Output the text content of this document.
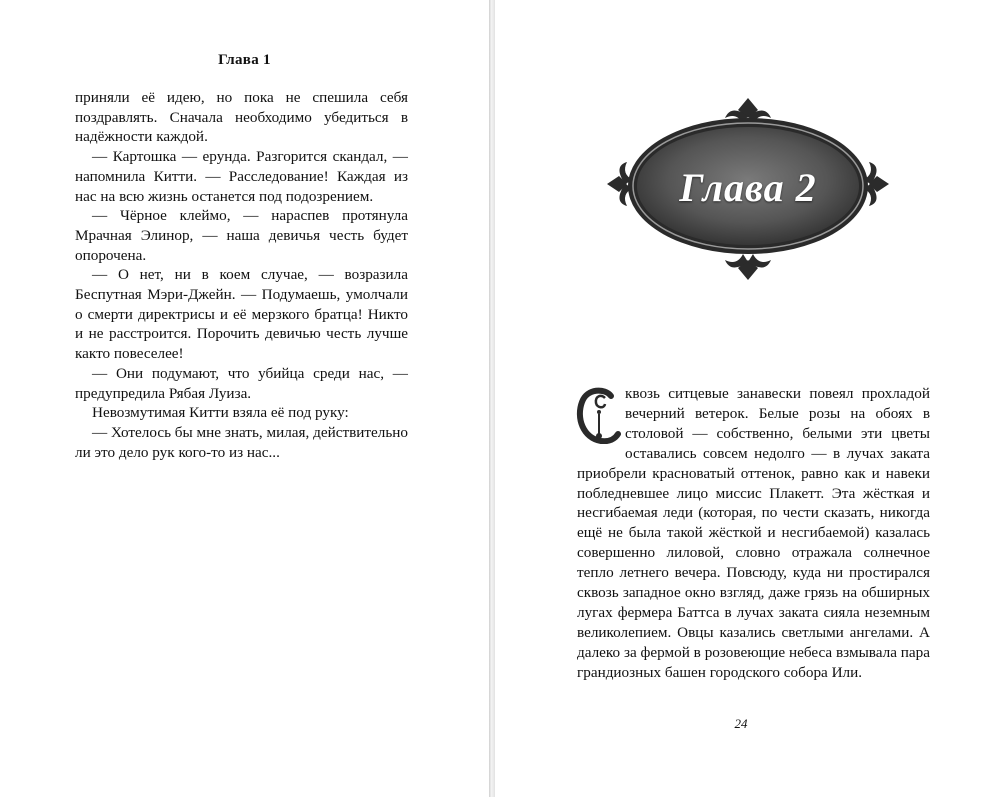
Глава 1

приняли её идею, но пока не спешила себя поздравлять. Сначала необходимо убедиться в надёжности каждой.

— Картошка — ерунда. Разгорится скандал, — напомнила Китти. — Расследование! Каждая из нас на всю жизнь останется под подозрением.

— Чёрное клеймо, — нараспев протянула Мрачная Элинор, — наша девичья честь будет опорочена.

— О нет, ни в коем случае, — возразила Беспутная Мэри-Джейн. — Подумаешь, умолчали о смерти директрисы и её мерзкого братца! Никто и не расстроится. Порочить девичью честь лучше както повеселее!

— Они подумают, что убийца среди нас, — предупредила Рябая Луиза.

Невозмутимая Китти взяла её под руку:

— Хотелось бы мне знать, милая, действительно ли это дело рук кого-то из нас...

Глава 2

квозь ситцевые занавески повеял прохладой вечерний ветерок. Белые розы на обоях в столовой — собственно, белыми эти цветы оставались совсем недолго — в лучах заката приобрели красноватый оттенок, равно как и навеки побледневшее лицо миссис Плакетт. Эта жёсткая и несгибаемая леди (которая, по чести сказать, никогда ещё не была такой жёсткой и несгибаемой) казалась совершенно лиловой, словно отражала солнечное тепло летнего вечера. Повсюду, куда ни простирался сквозь западное окно взгляд, даже грязь на обширных лугах фермера Баттса в лучах заката сияла неземным великолепием. Овцы казались светлыми ангелами. А далеко за фермой в розовеющие небеса взмывала пара грандиозных башен городского собора Или.

24
